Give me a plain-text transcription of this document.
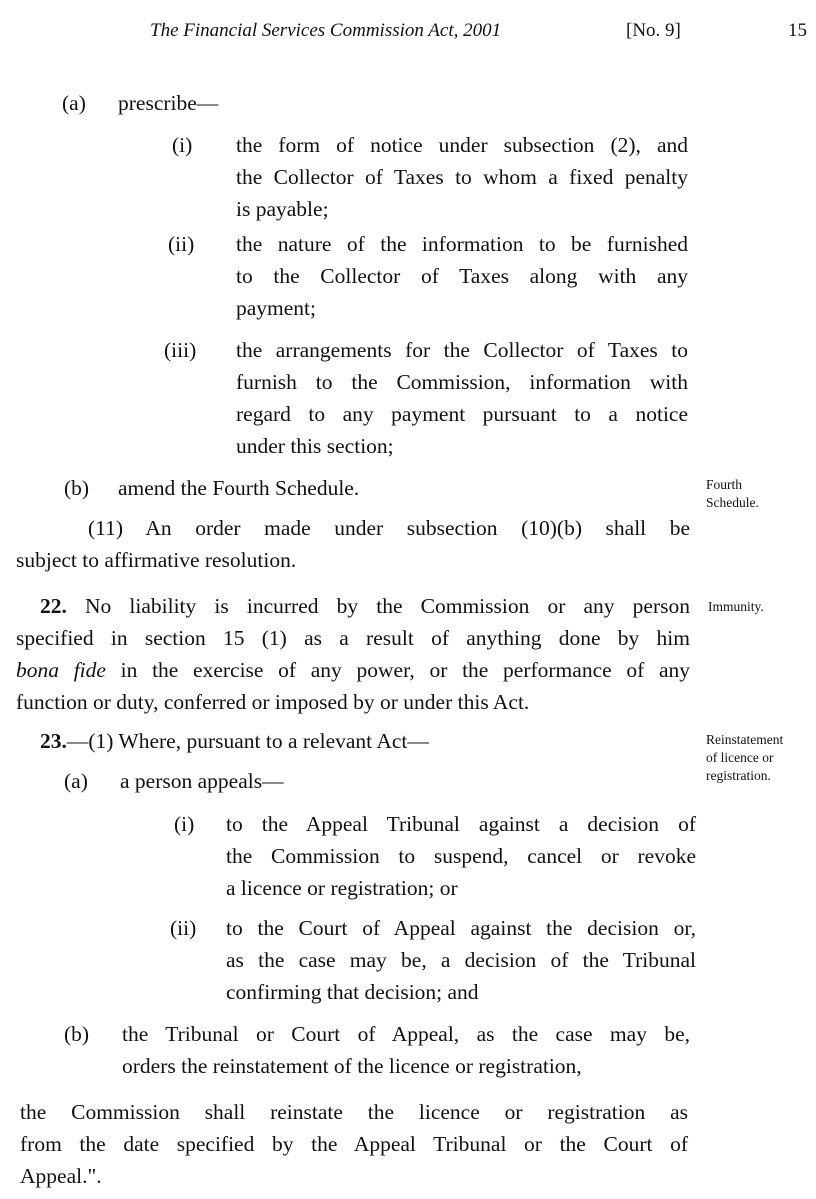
The Financial Services Commission Act, 2001	[No. 9]	15
(a) prescribe—
(i) the form of notice under subsection (2), and
the Collector of Taxes to whom a fixed penalty
is payable;
(ii) the nature of the information to be furnished
to the Collector of Taxes along with any
payment;
(iii) the arrangements for the Collector of Taxes to
furnish to the Commission, information with
regard to any payment pursuant to a notice
under this section;
(b) amend the Fourth Schedule.	Fourth
Schedule.
(11) An order made under subsection (10)(b) shall be
subject to affirmative resolution.
22. No liability is incurred by the Commission or any person
specified in section 15 (1) as a result of anything done by him
bona fide in the exercise of any power, or the performance of any
function or duty, conferred or imposed by or under this Act.
Immunity.
23.—(1) Where, pursuant to a relevant Act—	Reinstatement
of licence or
registration.
(a) a person appeals—
(i) to the Appeal Tribunal against a decision of
the Commission to suspend, cancel or revoke
a licence or registration; or
(ii) to the Court of Appeal against the decision or,
as the case may be, a decision of the Tribunal
confirming that decision; and
(b) the Tribunal or Court of Appeal, as the case may be,
orders the reinstatement of the licence or registration,
the Commission shall reinstate the licence or registration as
from the date specified by the Appeal Tribunal or the Court of
Appeal.".
